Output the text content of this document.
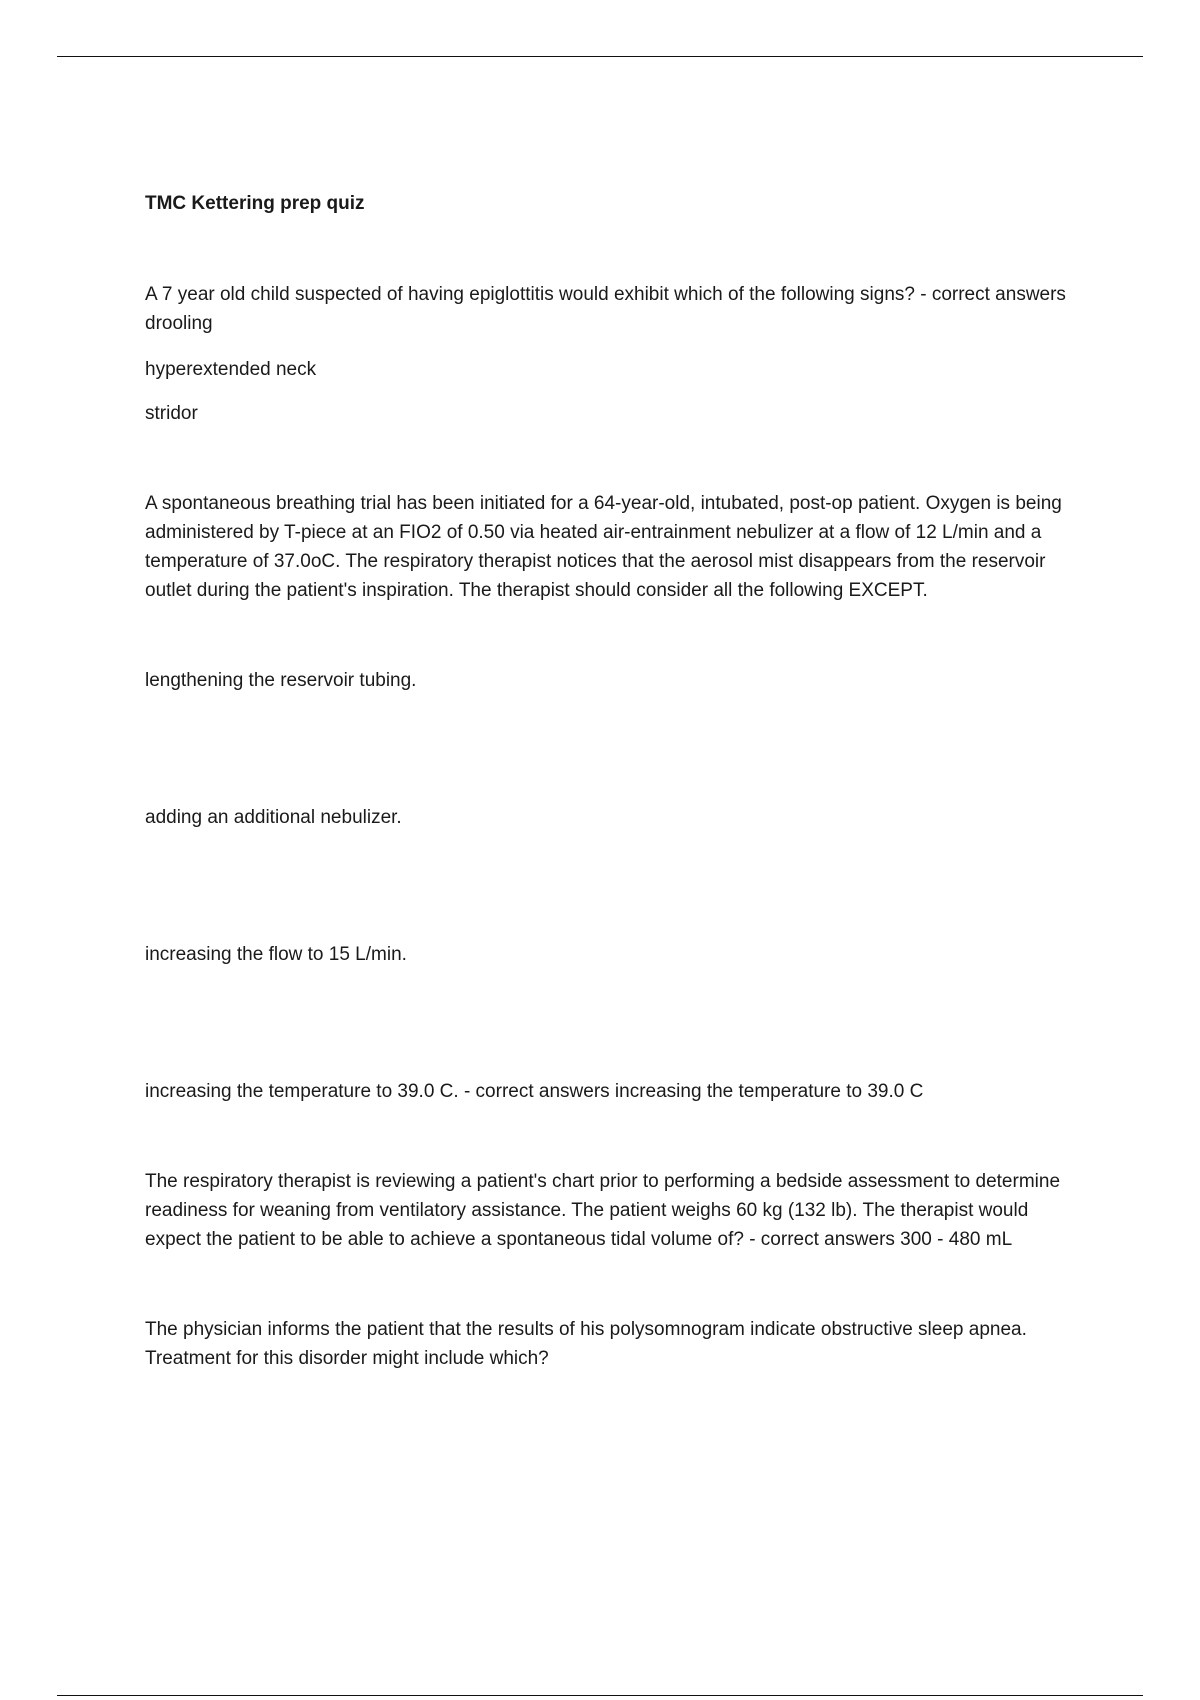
TMC Kettering prep quiz

A 7 year old child suspected of having epiglottitis would exhibit which of the following signs? - correct answers drooling

hyperextended neck

stridor

A spontaneous breathing trial has been initiated for a 64-year-old, intubated, post-op patient. Oxygen is being administered by T-piece at an FIO2 of 0.50 via heated air-entrainment nebulizer at a flow of 12 L/min and a temperature of 37.0oC. The respiratory therapist notices that the aerosol mist disappears from the reservoir outlet during the patient's inspiration. The therapist should consider all the following EXCEPT.

lengthening the reservoir tubing.

adding an additional nebulizer.

increasing the flow to 15 L/min.

increasing the temperature to 39.0 C. - correct answers increasing the temperature to 39.0 C

The respiratory therapist is reviewing a patient's chart prior to performing a bedside assessment to determine readiness for weaning from ventilatory assistance. The patient weighs 60 kg (132 lb). The therapist would expect the patient to be able to achieve a spontaneous tidal volume of? - correct answers 300 - 480 mL

The physician informs the patient that the results of his polysomnogram indicate obstructive sleep apnea. Treatment for this disorder might include which?
